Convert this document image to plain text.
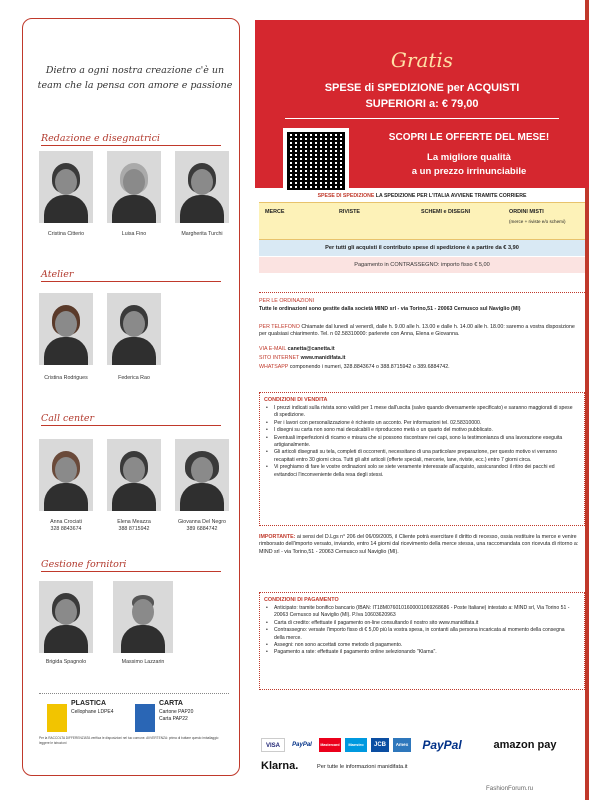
Dietro a ogni nostra creazione c'è un team che la pensa con amore e passione
Redazione e disegnatrici
Cristina Citterio	Luisa Fino	Margherita Turchi
Atelier
Cristina Rodrigues	Federica Rao
Call center
Anna Crociati
328 8843674
Elena Meazza
388 8715942
Giovanna Del Negro
389 6884742
Gestione fornitori
Brigida Spagnolo	Massimo Lazzarin
PLASTICA
Cellophane LDPE4
CARTA
Cartone PAP20
Carta PAP22
Per la RACCOLTA DIFFERENZIATA verifica le disposizioni nel tuo comune. AVVERTENZA: prima di buttare questo imballaggio leggere le istruzioni
Gratis
SPESE di SPEDIZIONE per ACQUISTI
SUPERIORI a: € 79,00
SCOPRI LE OFFERTE DEL MESE!
La migliore qualità
a un prezzo irrinunciabile
SPESE DI SPEDIZIONE LA SPEDIZIONE PER L'ITALIA AVVIENE TRAMITE CORRIERE
MERCE	RIVISTE	SCHEMI e DISEGNI	ORDINI MISTI
(merce + riviste e/o schemi)
Per tutti gli acquisti il contributo spese di spedizione è a partire da € 3,90
Pagamento in CONTRASSEGNO: importo fisso € 5,00
PER LE ORDINAZIONI
Tutte le ordinazioni sono gestite dalla società MIND srl - via Torino,51 - 20063 Cernusco sul Naviglio (MI)
PER TELEFONO Chiamate dal lunedì al venerdì, dalle h. 9.00 alle h. 13.00 e dalle h. 14.00 alle h. 18.00: saremo a vostra disposizione per qualsiasi chiarimento. Tel. n 02.58310000: parlerete con Anna, Elena e Giovanna.
VIA E-MAIL canetta@canetta.it
SITO INTERNET www.manidifata.it
WHATSAPP componendo i numeri, 328.8843674 o 388.8715942 o 389.6884742.
CONDIZIONI DI VENDITA
• I prezzi indicati sulla rivista sono validi per 1 mese dall'uscita (salvo quando diversamente specificato) e saranno maggiorati di spese di spedizione.
• Per i lavori con personalizzazione è richiesto un acconto. Per informazioni tel. 02.58310000.
• I disegni su carta non sono mai decalcabili e riproducono metà o un quarto del motivo pubblicato.
• Eventuali imperfezioni di ricamo e misura che si possono riscontrare nei capi, sono la testimonianza di una lavorazione eseguita artigianalmente.
• Gli articoli disegnati su tela, completi di occorrenti, necessitano di una particolare preparazione, per questo motivo vi verranno recapitati entro 30 giorni circa. Tutti gli altri articoli (offerte speciali, mercerie, lane, riviste, ecc.) entro 7 giorni circa.
• Vi preghiamo di fare le vostre ordinazioni solo se siete veramente interessate all'acquisto, assicurandoci il ritiro dei pacchi ed evitandoci l'inconveniente della resa degli stessi.
IMPORTANTE: ai sensi del D.Lgs n° 206 del 06/09/2005, il Cliente potrà esercitare il diritto di recesso, ossia restituire la merce e venire rimborsato dell'importo versato, inviando, entro 14 giorni dal ricevimento della merce stessa, una raccomandata con ricevuta di ritorno a: MIND srl - via Torino,51 - 20063 Cernusco sul Naviglio (MI).
CONDIZIONI DI PAGAMENTO
• Anticipato: tramite bonifico bancario (IBAN: IT18M0760101600001069268686 - Poste Italiane) intestato a: MIND srl, Via Torino 51 - 20063 Cernusco sul Naviglio (MI). P.Iva 10603620963
• Carta di credito: effettuate il pagamento on-line consultando il nostro sito www.manidifata.it
• Contrassegno: versate l'importo fisso di € 5,00 più la vostra spesa, in contanti alla persona incaricata al momento della consegna della merce.
• Assegni: non sono accettati come metodo di pagamento.
• Pagamento a rate: effettuate il pagamento online selezionando "Klarna".
VISA	PayPal	Mastercard	Maestro	JCB	Amex	PayPal	amazon pay
Klarna.	Per tutte le informazioni manidifata.it
FashionForum.ru
